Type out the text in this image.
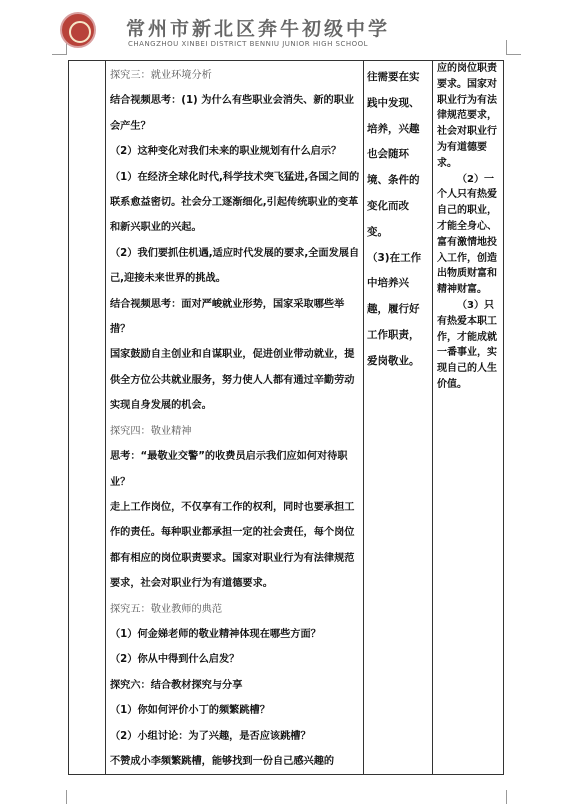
常州市新北区奔牛初级中学
CHANGZHOU XINBEI DISTRICT BENNIU JUNIOR HIGH SCHOOL

探究三：就业环境分析

结合视频思考：(1) 为什么有些职业会消失、新的职业会产生？

（2）这种变化对我们未来的职业规划有什么启示？

（1）在经济全球化时代,科学技术突飞猛进,各国之间的联系愈益密切。社会分工逐渐细化,引起传统职业的变革和新兴职业的兴起。

（2）我们要抓住机遇,适应时代发展的要求,全面发展自己,迎接未来世界的挑战。

结合视频思考：面对严峻就业形势，国家采取哪些举措？

国家鼓励自主创业和自谋职业，促进创业带动就业，提供全方位公共就业服务，努力使人人都有通过辛勤劳动实现自身发展的机会。

探究四：敬业精神

思考：“最敬业交警”的收费员启示我们应如何对待职业？

走上工作岗位，不仅享有工作的权利，同时也要承担工作的责任。每种职业都承担一定的社会责任，每个岗位都有相应的岗位职责要求。国家对职业行为有法律规范要求，社会对职业行为有道德要求。

探究五：敬业教师的典范

（1）何金娣老师的敬业精神体现在哪些方面？

（2）你从中得到什么启发？

探究六：结合教材探究与分享

（1）你如何评价小丁的频繁跳槽？

（2）小组讨论：为了兴趣，是否应该跳槽？

不赞成小李频繁跳槽，能够找到一份自己感兴趣的

往需要在实践中发现、培养，兴趣也会随环境、条件的变化而改变。

（3)在工作中培养兴趣，履行好工作职责，爱岗敬业。

应的岗位职责要求。国家对职业行为有法律规范要求，社会对职业行为有道德要求。

（2）一个人只有热爱自己的职业，才能全身心、富有激情地投入工作，创造出物质财富和精神财富。

（3）只有热爱本职工作，才能成就一番事业，实现自己的人生价值。
